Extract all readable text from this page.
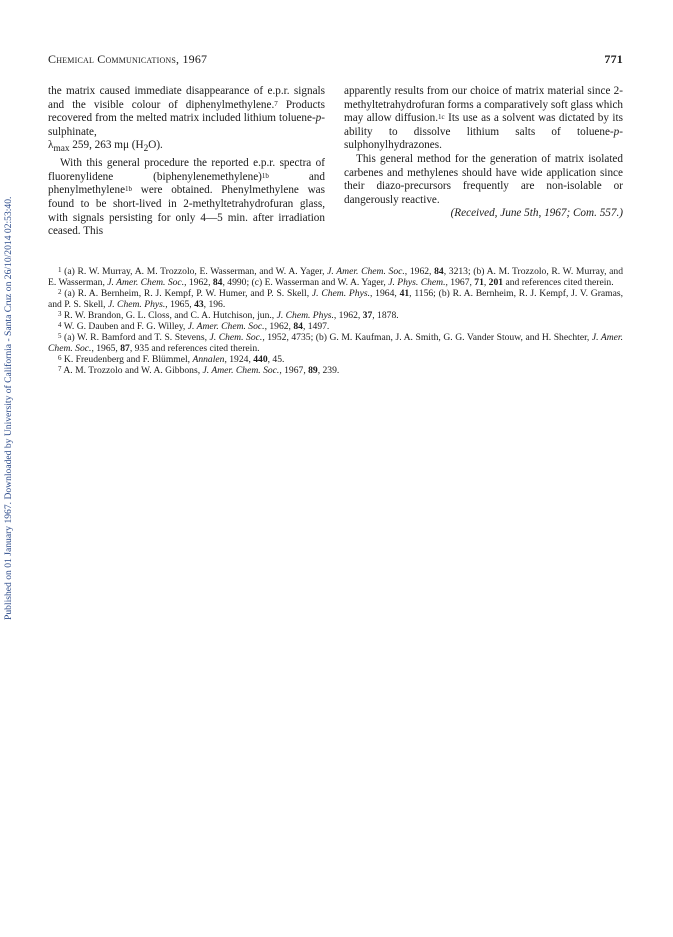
Published on 01 January 1967. Downloaded by University of California - Santa Cruz on 26/10/2014 02:53:40.
Chemical Communications, 1967	771

the matrix caused immediate disappearance of e.p.r. signals and the visible colour of diphenylmethylene.$^7$ Products recovered from the melted matrix included lithium toluene-p-sulphinate,
$\lambda_{max}$ 259, 263 mμ $(H_2O)$.

With this general procedure the reported e.p.r. spectra of fluorenylidene (biphenylenemethylene)$^{1b}$ and phenylmethylene$^{1b}$ were obtained. Phenylmethylene was found to be short-lived in 2-methyltetrahydrofuran glass, with signals persisting for only 4—5 min. after irradiation ceased. This

apparently results from our choice of matrix material since 2-methyltetrahydrofuran forms a comparatively soft glass which may allow diffusion.$^{1c}$ Its use as a solvent was dictated by its ability to dissolve lithium salts of toluene-p-sulphonylhydrazones.

This general method for the generation of matrix isolated carbenes and methylenes should have wide application since their diazo-precursors frequently are non-isolable or dangerously reactive.

(Received, June 5th, 1967; Com. 557.)

$^1$ (a) R. W. Murray, A. M. Trozzolo, E. Wasserman, and W. A. Yager, J. Amer. Chem. Soc., 1962, 84, 3213; (b) A. M. Trozzolo, R. W. Murray, and E. Wasserman, J. Amer. Chem. Soc., 1962, 84, 4990; (c) E. Wasserman and W. A. Yager, J. Phys. Chem., 1967, 71, 201 and references cited therein.

$^2$ (a) R. A. Bernheim, R. J. Kempf, P. W. Humer, and P. S. Skell, J. Chem. Phys., 1964, 41, 1156; (b) R. A. Bernheim, R. J. Kempf, J. V. Gramas, and P. S. Skell, J. Chem. Phys., 1965, 43, 196.

$^3$ R. W. Brandon, G. L. Closs, and C. A. Hutchison, jun., J. Chem. Phys., 1962, 37, 1878.

$^4$ W. G. Dauben and F. G. Willey, J. Amer. Chem. Soc., 1962, 84, 1497.

$^5$ (a) W. R. Bamford and T. S. Stevens, J. Chem. Soc., 1952, 4735; (b) G. M. Kaufman, J. A. Smith, G. G. Vander Stouw, and H. Shechter, J. Amer. Chem. Soc., 1965, 87, 935 and references cited therein.

$^6$ K. Freudenberg and F. Blümmel, Annalen, 1924, 440, 45.

$^7$ A. M. Trozzolo and W. A. Gibbons, J. Amer. Chem. Soc., 1967, 89, 239.
